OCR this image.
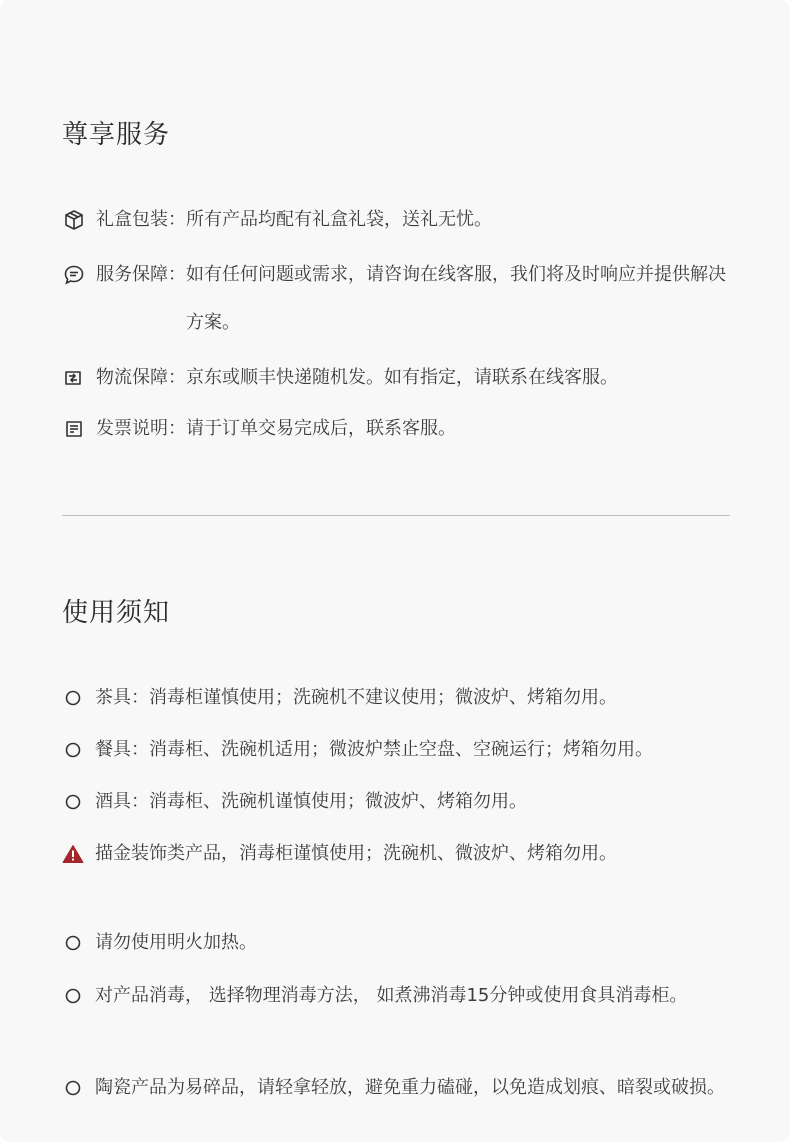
尊享服务
礼盒包装： 所有产品均配有礼盒礼袋，送礼无忧。
服务保障： 如有任何问题或需求，请咨询在线客服，我们将及时响应并提供解决方案。
物流保障： 京东或顺丰快递随机发。如有指定，请联系在线客服。
发票说明： 请于订单交易完成后，联系客服。
使用须知
茶具：消毒柜谨慎使用；洗碗机不建议使用；微波炉、烤箱勿用。
餐具：消毒柜、洗碗机适用；微波炉禁止空盘、空碗运行；烤箱勿用。
酒具：消毒柜、洗碗机谨慎使用；微波炉、烤箱勿用。
描金装饰类产品，消毒柜谨慎使用；洗碗机、微波炉、烤箱勿用。
请勿使用明火加热。
对产品消毒， 选择物理消毒方法， 如煮沸消毒15分钟或使用食具消毒柜。
陶瓷产品为易碎品，请轻拿轻放，避免重力磕碰，以免造成划痕、暗裂或破损。
